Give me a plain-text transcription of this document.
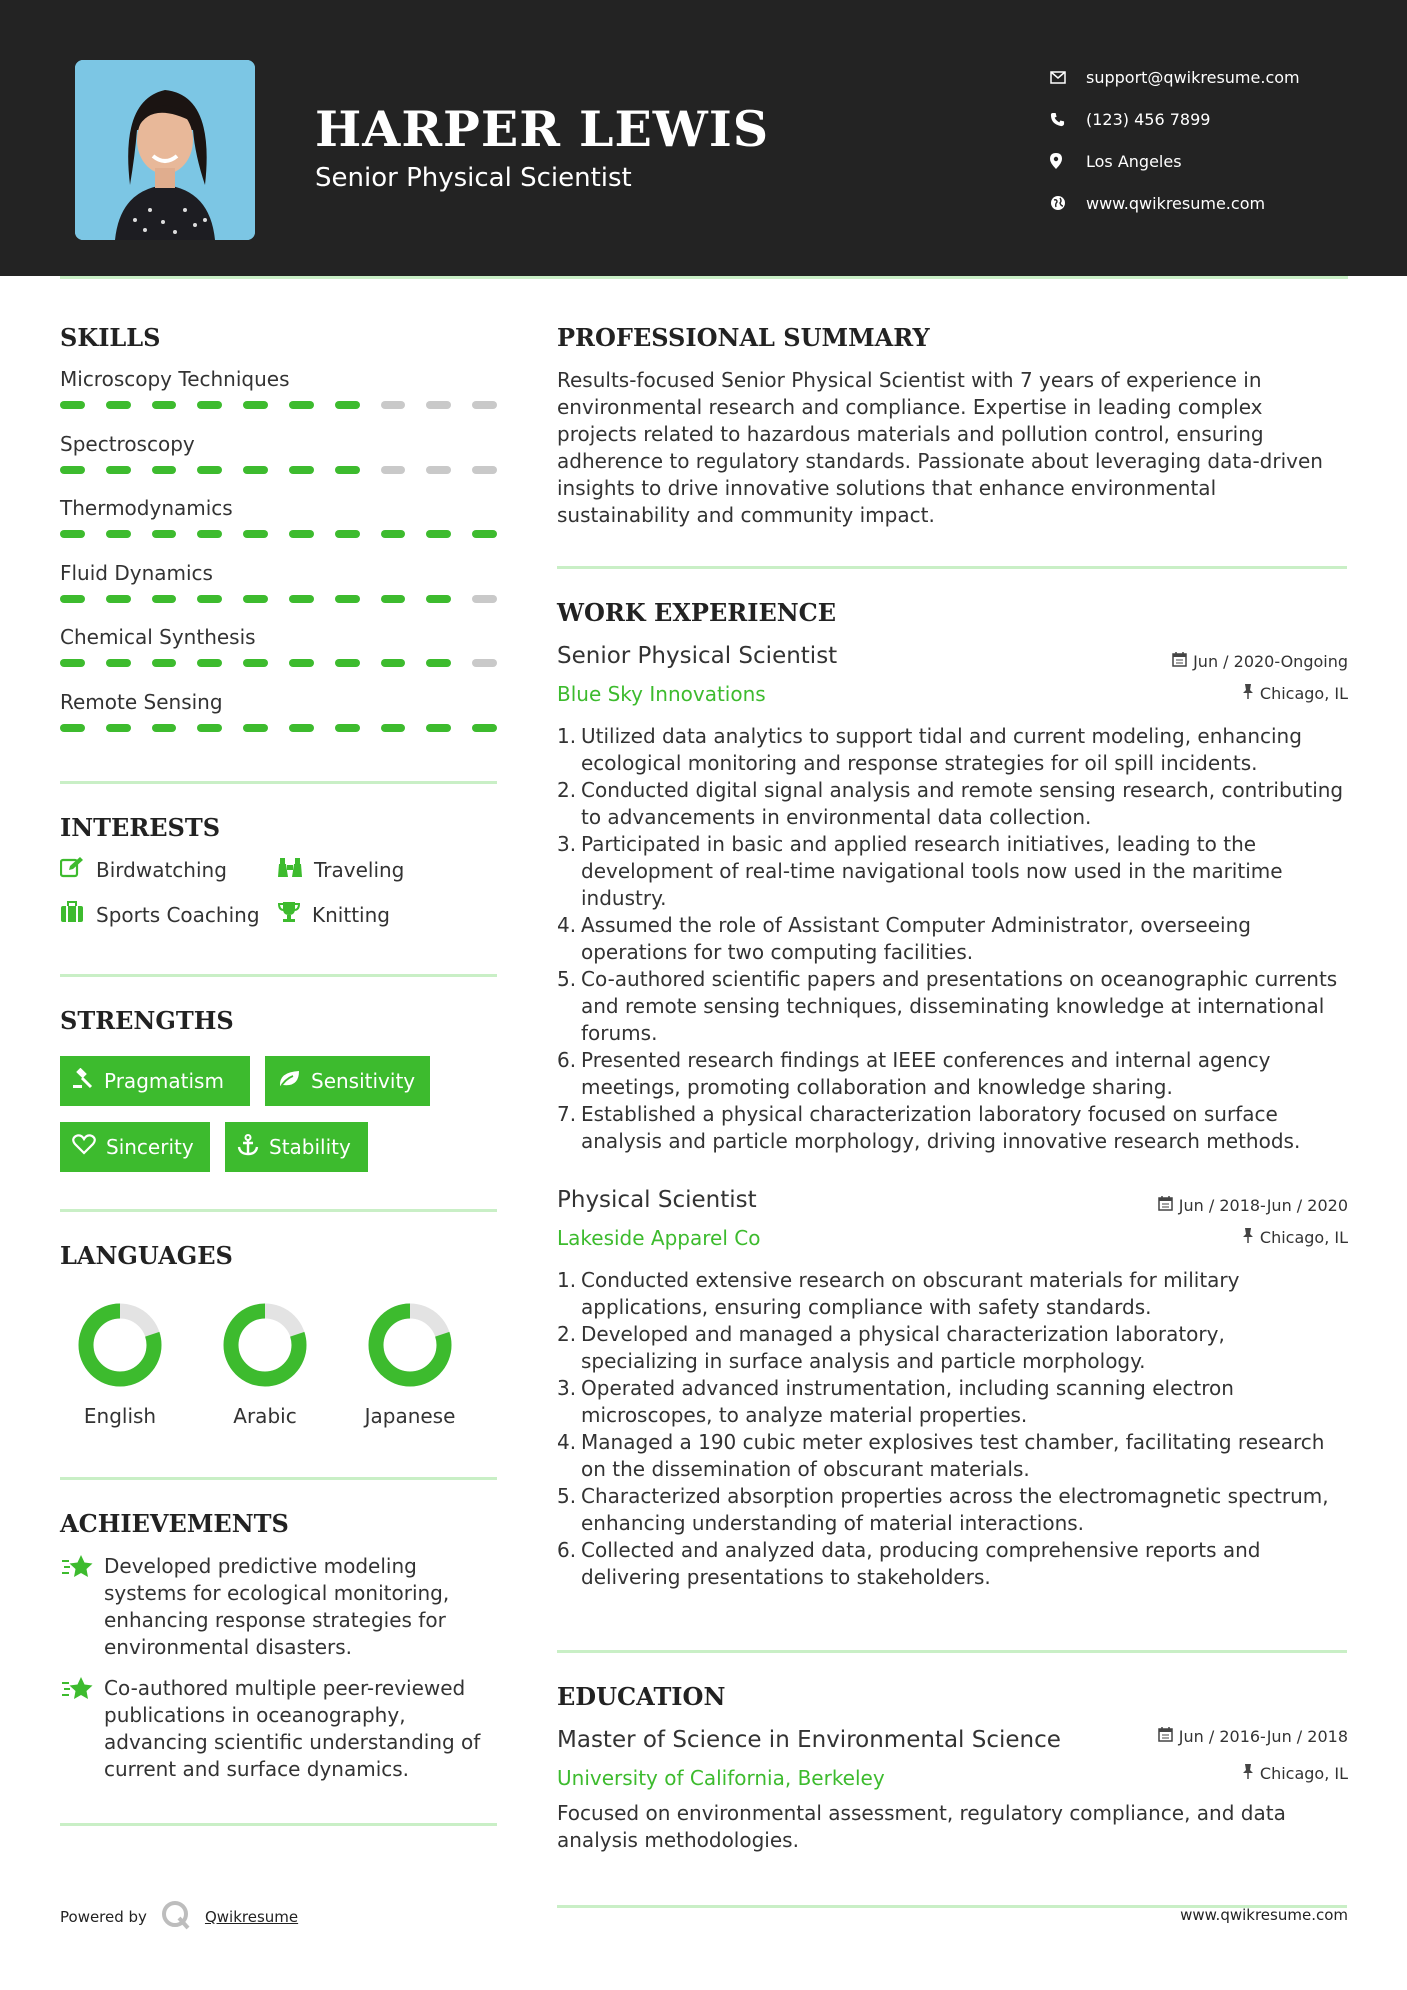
HARPER LEWIS
Senior Physical Scientist
support@qwikresume.com
(123) 456 7899
Los Angeles
www.qwikresume.com
SKILLS
Microscopy Techniques
Spectroscopy
Thermodynamics
Fluid Dynamics
Chemical Synthesis
Remote Sensing
INTERESTS
Birdwatching	Traveling
Sports Coaching	Knitting
STRENGTHS
Pragmatism	Sensitivity
Sincerity	Stability
LANGUAGES
English	Arabic	Japanese
ACHIEVEMENTS
Developed predictive modeling systems for ecological monitoring, enhancing response strategies for environmental disasters.
Co-authored multiple peer-reviewed publications in oceanography, advancing scientific understanding of current and surface dynamics.
PROFESSIONAL SUMMARY
Results-focused Senior Physical Scientist with 7 years of experience in environmental research and compliance. Expertise in leading complex projects related to hazardous materials and pollution control, ensuring adherence to regulatory standards. Passionate about leveraging data-driven insights to drive innovative solutions that enhance environmental sustainability and community impact.
WORK EXPERIENCE
Senior Physical Scientist	Jun / 2020-Ongoing
Blue Sky Innovations	Chicago, IL
1. Utilized data analytics to support tidal and current modeling, enhancing ecological monitoring and response strategies for oil spill incidents.
2. Conducted digital signal analysis and remote sensing research, contributing to advancements in environmental data collection.
3. Participated in basic and applied research initiatives, leading to the development of real-time navigational tools now used in the maritime industry.
4. Assumed the role of Assistant Computer Administrator, overseeing operations for two computing facilities.
5. Co-authored scientific papers and presentations on oceanographic currents and remote sensing techniques, disseminating knowledge at international forums.
6. Presented research findings at IEEE conferences and internal agency meetings, promoting collaboration and knowledge sharing.
7. Established a physical characterization laboratory focused on surface analysis and particle morphology, driving innovative research methods.
Physical Scientist	Jun / 2018-Jun / 2020
Lakeside Apparel Co	Chicago, IL
1. Conducted extensive research on obscurant materials for military applications, ensuring compliance with safety standards.
2. Developed and managed a physical characterization laboratory, specializing in surface analysis and particle morphology.
3. Operated advanced instrumentation, including scanning electron microscopes, to analyze material properties.
4. Managed a 190 cubic meter explosives test chamber, facilitating research on the dissemination of obscurant materials.
5. Characterized absorption properties across the electromagnetic spectrum, enhancing understanding of material interactions.
6. Collected and analyzed data, producing comprehensive reports and delivering presentations to stakeholders.
EDUCATION
Master of Science in Environmental Science	Jun / 2016-Jun / 2018
University of California, Berkeley	Chicago, IL
Focused on environmental assessment, regulatory compliance, and data analysis methodologies.
Powered by	Qwikresume	www.qwikresume.com
